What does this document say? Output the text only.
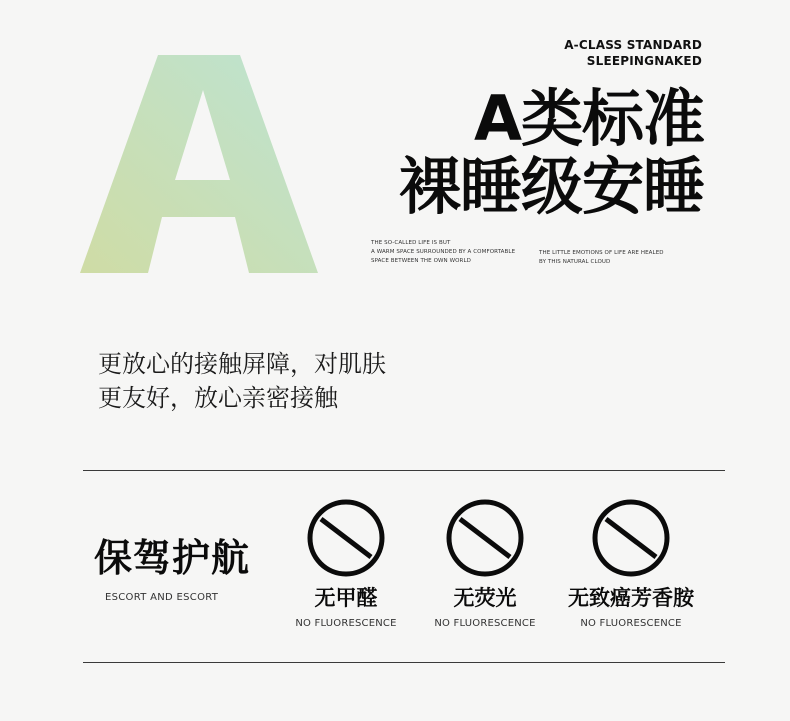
A-CLASS STANDARD
SLEEPINGNAKED
A类标准
裸睡级安睡
THE SO-CALLED LIFE IS BUT
A WARM SPACE SURROUNDED BY A COMFORTABLE
SPACE BETWEEN THE OWN WORLD
THE LITTLE EMOTIONS OF LIFE ARE HEALED
BY THIS NATURAL CLOUD
更放心的接触屏障，对肌肤
更友好，放心亲密接触
保驾护航
ESCORT AND ESCORT	无甲醛
NO FLUORESCENCE
无荧光
NO FLUORESCENCE
无致癌芳香胺
NO FLUORESCENCE
